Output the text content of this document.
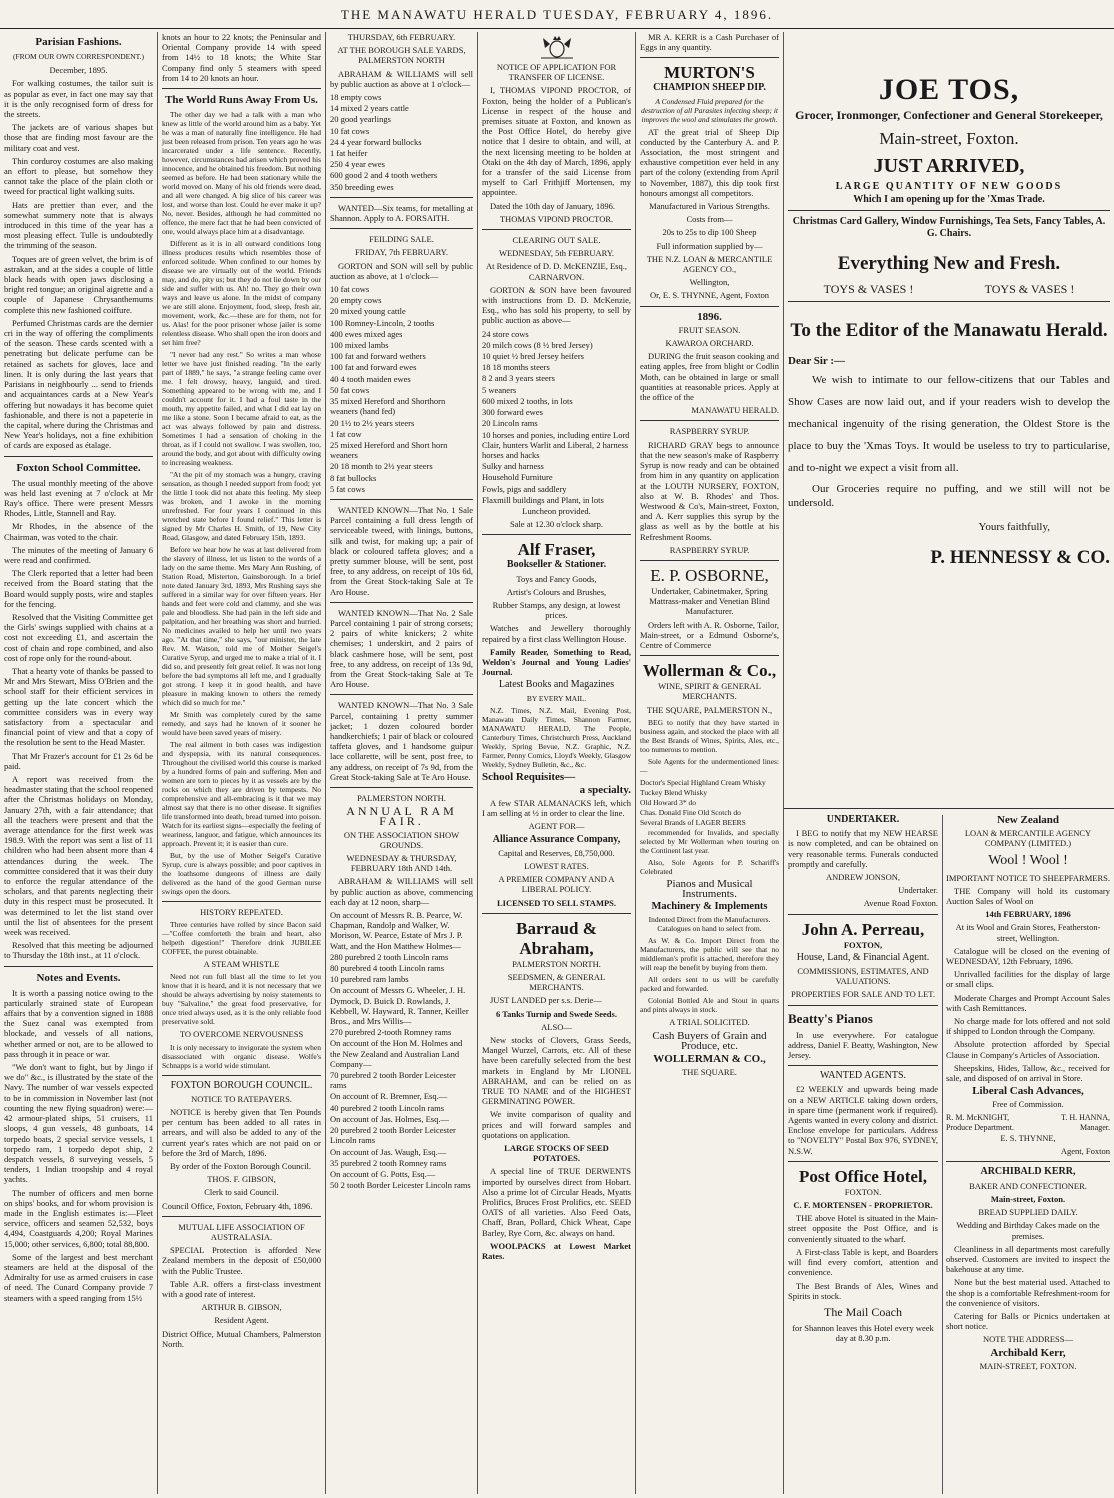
THE MANAWATU HERALD TUESDAY, FEBRUARY 4, 1896.
Parisian Fashions.
(FROM OUR OWN CORRESPONDENT.)

December, 1895.

For walking costumes, the tailor suit is as popular as ever, in fact one may say that it is the only recognised form of dress for the streets.

The jackets are of various shapes but those that are finding most favour are the military coat and vest.

Thin corduroy costumes are also making an effort to please, but somehow they cannot take the place of the plain cloth or tweed for practical light walking suits.

Hats are prettier than ever, and the somewhat summery note that is always introduced in this time of the year has a most pleasing effect. Tulle is undoubtedly the trimming of the season.

Toques are of green velvet, the brim is of astrakan, and at the sides a couple of little black heads with open jaws disclosing a bright red tongue; an original aigrette and a couple of Japanese Chrysanthemums complete this new fashioned coiffure.

Perfumed Christmas cards are the dernier cri in the way of offering the compliments of the season. These cards scented with a penetrating but delicate perfume can be retained as sachets for gloves, lace and linen. It is only during the last years that Parisians in neighbourly ... send to friends and acquaintances cards at a New Year's offering but nowadays it has become quiet fashionable, and there is not a papeterie in the capital, where during the Christmas and New Year's holidays, not a fine exhibition of cards are exposed as étalage.

Foxton School Committee.

The usual monthly meeting of the above was held last evening at 7 o'clock at Mr Ray's office. There were present Messrs Rhodes, Little, Stannell and Ray.

Mr Rhodes, in the absence of the Chairman, was voted to the chair.

The minutes of the meeting of January 6 were read and confirmed.

The Clerk reported that a letter had been received from the Board stating that the Board would supply posts, wire and staples for the fencing.

Resolved that the Visiting Committee get the Girls' swings supplied with chains at a cost not exceeding £1, and ascertain the cost of chain and rope combined, and also cost of rope only for the round-about.

That a hearty vote of thanks be passed to Mr and Mrs Stewart, Miss O'Brien and the school staff for their efficient services in getting up the late concert which the committee considers was in every way satisfactory from a spectacular and financial point of view and that a copy of the resolution be sent to the Head Master.

That Mr Frazer's account for £1 2s 6d be paid.

A report was received from the headmaster stating that the school reopened after the Christmas holidays on Monday, January 27th, with a fair attendance; that all the teachers were present and that the average attendance for the first week was 198.9. With the report was sent a list of 11 children who had been absent more than 4 attendances during the week. The committee considered that it was their duty to enforce the regular attendance of the scholars, and that parents neglecting their duty in this respect must be prosecuted. It was determined to let the list stand over until the list of absentees for the present week was received.

Resolved that this meeting be adjourned to Thursday the 18th inst., at 11 o'clock.

Notes and Events.

It is worth a passing notice owing to the particularly strained state of European affairs that by a convention signed in 1888 the Suez canal was exempted from blockade, and vessels of all nations, whether armed or not, are to be allowed to pass through it in peace or war.

"We don't want to fight, but by Jingo if we do" &c., is illustrated by the state of the Navy. The number of war vessels expected to be in commission in November last (not counting the new flying squadron) were:—42 armour-plated ships, 51 cruisers, 11 sloops, 4 gun vessels, 48 gunboats, 14 torpedo boats, 2 special service vessels, 1 torpedo ram, 1 torpedo depot ship, 2 despatch vessels, 8 surveying vessels, 5 tenders, 1 Indian troopship and 4 royal yachts.

The number of officers and men borne on ships' books, and for whom provision is made in the English estimates is:—Fleet service, officers and seamen 52,532, boys 4,494, Coastguards 4,200; Royal Marines 15,000; other services, 6,800; total 88,800.

Some of the largest and best merchant steamers are held at the disposal of the Admiralty for use as armed cruisers in case of need. The Cunard Company provide 7 steamers with a speed ranging from 15½

knots an hour to 22 knots; the Peninsular and Oriental Company provide 14 with speed from 14½ to 18 knots; the White Star Company find only 5 steamers with speed from 14 to 20 knots an hour.

The World Runs Away From Us.

The other day we had a talk with a man who knew as little of the world around him as a baby. Yet he was a man of naturally fine intelligence. He had just been released from prison. Ten years ago he was incarcerated under a life sentence. Recently, however, circumstances had arisen which proved his innocence, and he obtained his freedom. But nothing seemed as before. He had been stationary while the world moved on. Many of his old friends were dead, and all were changed. A big slice of his career was lost, and worse than lost. Could he ever make it up? No, never. Besides, although he had committed no offence, the mere fact that he had been convicted of one, would always place him at a disadvantage.

Different as it is in all outward conditions long illness produces results which resembles those of enforced solitude. When confined to our homes by disease we are virtually out of the world. Friends may, and do, pity us; but they do not lie down by our side and suffer with us. Ah! no. They go their own ways and leave us alone. In the midst of company we are still alone. Enjoyment, food, sleep, fresh air, movement, work, &c.—these are for them, not for us. Alas! for the poor prisoner whose jailer is some relentless disease. Who shall open the iron doors and set him free?

"I never had any rest." So writes a man whose letter we have just finished reading. "In the early part of 1889," he says, "a strange feeling came over me. I felt drowsy, heavy, languid, and tired. Something appeared to be wrong with me, and I couldn't account for it. I had a foul taste in the mouth, my appetite failed, and what I did eat lay on me like a stone. Soon I became afraid to eat, as the act was always followed by pain and distress. Sometimes I had a sensation of choking in the throat, as if I could not swallow. I was swollen, too, around the body, and got about with difficulty owing to increasing weakness.

"At the pit of my stomach was a hungry, craving sensation, as though I needed support from food; yet the little I took did not abate this feeling. My sleep was broken, and I awoke in the morning unrefreshed. For four years I continued in this wretched state before I found relief." This letter is signed by Mr Charles H. Smith, of 19, New City Road, Glasgow, and dated February 15th, 1893.

Before we hear how he was at last delivered from the slavery of illness, let us listen to the words of a lady on the same theme. Mrs Mary Ann Rushing, of Station Road, Misterton, Gainsborough. In a brief note dated January 3rd, 1893, Mrs Rushing says she suffered in a similar way for over fifteen years. Her hands and feet were cold and clammy, and she was pale and bloodless. She had pain in the left side and palpitation, and her breathing was short and hurried. No medicines availed to help her until two years ago. "At that time," she says, "our minister, the late Rev. M. Watson, told me of Mother Seigel's Curative Syrup, and urged me to make a trial of it. I did so, and presently felt great relief. It was not long before the bad symptoms all left me, and I gradually got strong. I keep it in good health, and have pleasure in making known to others the remedy which did so much for me."

Mr Smith was completely cured by the same remedy, and says had he known of it sooner he would have been saved years of misery.

The real ailment in both cases was indigestion and dyspepsia, with its natural consequences. Throughout the civilised world this course is marked by a hundred forms of pain and suffering. Men and women are torn to pieces by it as vessels are by the rocks on which they are driven by tempests. No comprehensive and all-embracing is it that we may almost say that there is no other disease. It signifies life transformed into death, bread turned into poison. Watch for its earliest signs—especially the feeling of weariness, languor, and fatigue, which announces its approach. Prevent it; it is easier than cure.

But, by the use of Mother Seigel's Curative Syrup, cure is always possible; and poor captives in the loathsome dungeons of illness are daily delivered as the hand of the good German nurse swings open the doors.

HISTORY REPEATED.

Three centuries have rolled by since Bacon said—"Coffee comforteth the brain and heart, also helpeth digestion!" Therefore drink JUBILEE COFFEE, the purest obtainable.

A STEAM WHISTLE

Need not run full blast all the time to let you know that it is heard, and it is not necessary that we should be always advertising by noisy statements to buy "Salvaline," the great food preservative, for once tried always used, as it is the only reliable food preservative sold.

TO OVERCOME NERVOUSNESS

It is only necessary to invigorate the system when disassociated with organic disease. Wolfe's Schnapps is a world wide stimulant.

FOXTON BOROUGH COUNCIL.

NOTICE TO RATEPAYERS.

NOTICE is hereby given that Ten Pounds per centum has been added to all rates in arrears, and will also be added to any of the current year's rates which are not paid on or before the 3rd of March, 1896.

By order of the Foxton Borough Council.

THOS. F. GIBSON,

Clerk to said Council.

Council Office, Foxton, February 4th, 1896.

MUTUAL LIFE ASSOCIATION OF AUSTRALASIA.

SPECIAL Protection is afforded New Zealand members in the deposit of £50,000 with the Public Trustee.

Table A.R. offers a first-class investment with a good rate of interest.

ARTHUR B. GIBSON,

Resident Agent.

District Office, Mutual Chambers, Palmerston North.

THURSDAY, 6th FEBRUARY.

AT THE BOROUGH SALE YARDS, PALMERSTON NORTH

ABRAHAM & WILLIAMS will sell by public auction as above at 1 o'clock—

18 empty cows
14 mixed 2 years cattle
20 good yearlings
10 fat cows
24 4 year forward bullocks
1 fat heifer
250 4 year ewes
600 good 2 and 4 tooth wethers
350 breeding ewes

WANTED—Six teams, for metalling at Shannon. Apply to A. FORSAITH.

FEILDING SALE.

FRIDAY, 7th FEBRUARY.

GORTON and SON will sell by public auction as above, at 1 o'clock—

10 fat cows
20 empty cows
20 mixed young cattle
100 Romney-Lincoln, 2 tooths
400 ewes mixed ages
100 mixed lambs
100 fat and forward wethers
100 fat and forward ewes
40 4 tooth maiden ewes
50 fat cows
35 mixed Hereford and Shorthorn weaners (hand fed)
20 1½ to 2½ years steers
1 fat cow
25 mixed Hereford and Short horn weaners
20 18 month to 2½ year steers
8 fat bullocks
5 fat cows

WANTED KNOWN—That No. 1 Sale Parcel containing a full dress length of serviceable tweed, with linings, buttons, silk and twist, for making up; a pair of black or coloured taffeta gloves; and a pretty summer blouse, will be sent, post free, to any address, on receipt of 10s 6d, from the Great Stock-taking Sale at Te Aro House.

WANTED KNOWN—That No. 2 Sale Parcel containing 1 pair of strong corsets; 2 pairs of white knickers; 2 white chemises; 1 underskirt, and 2 pairs of black cashmere hose, will be sent, post free, to any address, on receipt of 13s 9d, from the Great Stock-taking Sale at Te Aro House.

WANTED KNOWN—That No. 3 Sale Parcel, containing 1 pretty summer jacket; 1 dozen coloured border handkerchiefs; 1 pair of black or coloured taffeta gloves, and 1 handsome guipur lace collarette, will be sent, post free, to any address, on receipt of 7s 9d, from the Great Stock-taking Sale at Te Aro House.

PALMERSTON NORTH.

ANNUAL RAM FAIR.

ON THE ASSOCIATION SHOW GROUNDS.

WEDNESDAY & THURSDAY, FEBRUARY 18th AND 14th.

ABRAHAM & WILLIAMS will sell by public auction as above, commencing each day at 12 noon, sharp—

On account of Messrs R. B. Pearce, W. Chapman, Randolp and Walker, W. Morison, W. Pearce, Estate of Mrs J. P. Watt, and the Hon Matthew Holmes—
280 purebred 2 tooth Lincoln rams
80 purebred 4 tooth Lincoln rams
10 purebred ram lambs
On account of Messrs G. Wheeler, J. H. Dymock, D. Buick D. Rowlands, J. Kebbell, W. Hayward, R. Tanner, Keiller Bros., and Mrs Willis—
270 purebred 2-tooth Romney rams
On account of the Hon M. Holmes and the New Zealand and Australian Land Company—
70 purebred 2 tooth Border Leicester rams
On account of R. Bremner, Esq.—
40 purebred 2 tooth Lincoln rams
On account of Jas. Holmes, Esq.—
20 purebred 2 tooth Border Leicester Lincoln rams
On account of Jas. Waugh, Esq.—
35 purebred 2 tooth Romney rams
On account of G. Potts, Esq.—
50 2 tooth Border Leicester Lincoln rams

NOTICE OF APPLICATION FOR TRANSFER OF LICENSE.

I, THOMAS VIPOND PROCTOR, of Foxton, being the holder of a Publican's License in respect of the house and premises situate at Foxton, and known as the Post Office Hotel, do hereby give notice that I desire to obtain, and will, at the next licensing meeting to be holden at Otaki on the 4th day of March, 1896, apply for a transfer of the said License from myself to Carl Frithjiff Mortensen, my appointee.

Dated the 10th day of January, 1896.

THOMAS VIPOND PROCTOR.

CLEARING OUT SALE.

WEDNESDAY, 5th FEBRUARY.

At Residence of D. D. McKENZIE, Esq., CARNARVON.

GORTON & SON have been favoured with instructions from D. D. McKenzie, Esq., who has sold his property, to sell by public auction as above—

24 store cows
20 milch cows (8 ½ bred Jersey)
10 quiet ½ bred Jersey heifers
18 18 months steers
8 2 and 3 years steers
5 weaners
600 mixed 2 tooths, in lots
300 forward ewes
20 Lincoln rams
10 horses and ponies, including entire Lord Clair, hunters Warlit and Liberal, 2 harness horses and hacks
Sulky and harness
Household Furniture
Fowls, pigs and saddlery
Flaxmill buildings and Plant, in lots

Luncheon provided.

Sale at 12.30 o'clock sharp.

Alf Fraser,

Bookseller & Stationer.

Toys and Fancy Goods,

Artist's Colours and Brushes,

Rubber Stamps, any design, at lowest prices.

Watches and Jewellery thoroughly repaired by a first class Wellington House.

Family Reader, Something to Read, Weldon's Journal and Young Ladies' Journal.

Latest Books and Magazines

BY EVERY MAIL.

N.Z. Times, N.Z. Mail, Evening Post, Manawatu Daily Times, Shannon Farmer, MANAWATU HERALD, The People, Canterbury Times, Christchurch Press, Auckland Weekly, Spring Bevue, N.Z. Graphic, N.Z. Farmer, Penny Comics, Lloyd's Weekly, Glasgow Weekly, Sydney Bulletin, &c., &c.

School Requisites—

a specialty.

A few STAR ALMANACKS left, which I am selling at ½ in order to clear the line.

AGENT FOR—

Alliance Assurance Company,

Capital and Reserves, £8,750,000.

LOWEST RATES.

A PREMIER COMPANY AND A LIBERAL POLICY.

LICENSED TO SELL STAMPS.

Barraud & Abraham,

PALMERSTON NORTH.

SEEDSMEN, & GENERAL MERCHANTS.

JUST LANDED per s.s. Derie—

6 Tanks Turnip and Swede Seeds.

ALSO—

New stocks of Clovers, Grass Seeds, Mangel Wurzel, Carrots, etc. All of these have been carefully selected from the best markets in England by Mr LIONEL ABRAHAM, and can be relied on as TRUE TO NAME and of the HIGHEST GERMINATING POWER.

We invite comparison of quality and prices and will forward samples and quotations on application.

LARGE STOCKS OF SEED POTATOES.

A special line of TRUE DERWENTS imported by ourselves direct from Hobart. Also a prime lot of Circular Heads, Myatts Prolifics, Bruces Frost Prolifics, etc. SEED OATS of all varieties. Also Feed Oats, Chaff, Bran, Pollard, Chick Wheat, Cape Barley, Rye Corn, &c. always on hand.

WOOLPACKS at Lowest Market Rates.

MR A. KERR is a Cash Purchaser of Eggs in any quantity.

MURTON'S

CHAMPION SHEEP DIP.

A Condensed Fluid prepared for the destruction of all Parasites infecting sheep; it improves the wool and stimulates the growth.

AT the great trial of Sheep Dip conducted by the Canterbury A. and P. Association, the most stringent and exhaustive competition ever held in any part of the colony (extending from April to November, 1887), this dip took first honours amongst all competitors.

Manufactured in Various Strengths.

Costs from—

20s to 25s to dip 100 Sheep

Full information supplied by—

THE N.Z. LOAN & MERCANTILE AGENCY CO.,

Wellington,

Or, E. S. THYNNE, Agent, Foxton

1896.

FRUIT SEASON.

KAWAROA ORCHARD.

DURING the fruit season cooking and eating apples, free from blight or Codlin Moth, can be obtained in large or small quantities at reasonable prices. Apply at the office of the

MANAWATU HERALD.

RASPBERRY SYRUP.

RICHARD GRAY begs to announce that the new season's make of Raspberry Syrup is now ready and can be obtained from him in any quantity on application at the LOUTH NURSERY, FOXTON, also at W. B. Rhodes' and Thos. Westwood & Co's, Main-street, Foxton, and A. Kerr supplies this syrup by the glass as well as by the bottle at his Refreshment Rooms.

RASPBERRY SYRUP.

E. P. OSBORNE,

Undertaker, Cabinetmaker, Spring Mattrass-maker and Venetian Blind Manufacturer.

Orders left with A. R. Osborne, Tailor, Main-street, or a Edmund Osborne's, Centre of Commerce

Wollerman & Co.,

WINE, SPIRIT & GENERAL MERCHANTS.

THE SQUARE, PALMERSTON N.,

BEG to notify that they have started in business again, and stocked the place with all the Best Brands of Wines, Spirits, Ales, etc., too numerous to mention.

Sole Agents for the undermentioned lines:—

Doctor's Special Highland Cream Whisky
Tuckey Blend Whisky
Old Howard 3* do
Chas. Donald Fine Old Scotch do
Several Brands of LAGER BEERS

recommended for Invalids, and specially selected by Mr Wollerman when touring on the Continent last year.

Also, Sole Agents for P. Schariff's Celebrated

Pianos and Musical Instruments.

Machinery & Implements

Indented Direct from the Manufacturers. Catalogues on hand to select from.

As W. & Co. Import Direct from the Manufacturers, the public will see that no middleman's profit is attached, therefore they will reap the benefit by buying from them.

All orders sent to us will be carefully packed and forwarded.

Colonial Bottled Ale and Stout in quarts and pints always in stock.

A TRIAL SOLICITED.

Cash Buyers of Grain and Produce, etc.

WOLLERMAN & CO.,

THE SQUARE.

JOE TOS,

Grocer, Ironmonger, Confectioner and General Storekeeper,

Main-street, Foxton.

JUST ARRIVED,

LARGE QUANTITY OF NEW GOODS

Which I am opening up for the 'Xmas Trade.

Christmas Card Gallery, Window Furnishings, Tea Sets, Fancy Tables, A. G. Chairs.

Everything New and Fresh.

TOYS & VASES !	TOYS & VASES !

To the Editor of the Manawatu Herald.

Dear Sir :—

We wish to intimate to our fellow-citizens that our Tables and Show Cases are now laid out, and if your readers wish to develop the mechanical ingenuity of the rising generation, the Oldest Store is the place to buy the 'Xmas Toys. It would be useless to try to particularise, and to-night we expect a visit from all.

Our Groceries require no puffing, and we still will not be undersold.

Yours faithfully,

P. HENNESSY & CO.

UNDERTAKER.

I BEG to notify that my NEW HEARSE is now completed, and can be obtained on very reasonable terms. Funerals conducted promptly and carefully.

ANDREW JONSON,

Undertaker.

Avenue Road Foxton.

John A. Perreau,

FOXTON,

House, Land, & Financial Agent.

COMMISSIONS, ESTIMATES, AND VALUATIONS.

PROPERTIES FOR SALE AND TO LET.

Beatty's Pianos

In use everywhere. For catalogue address, Daniel F. Beatty, Washington, New Jersey.

WANTED AGENTS.

£2 WEEKLY and upwards being made on a NEW ARTICLE taking down orders, in spare time (permanent work if required). Agents wanted in every colony and district. Enclose envelope for particulars. Address to "NOVELTY" Postal Box 976, SYDNEY, N.S.W.

Post Office Hotel,

FOXTON.

C. F. MORTENSEN - PROPRIETOR.

THE above Hotel is situated in the Main-street opposite the Post Office, and is conveniently situated to the wharf.

A First-class Table is kept, and Boarders will find every comfort, attention and convenience.

The Best Brands of Ales, Wines and Spirits in stock.

The Mail Coach

for Shannon leaves this Hotel every week day at 8.30 p.m.

New Zealand

LOAN & MERCANTILE AGENCY COMPANY (LIMITED.)

Wool ! Wool !

IMPORTANT NOTICE TO SHEEPFARMERS.

THE Company will hold its customary Auction Sales of Wool on

14th FEBRUARY, 1896

At its Wool and Grain Stores, Featherston-street, Wellington.

Catalogue will be closed on the evening of WEDNESDAY, 12th February, 1896.

Unrivalled facilities for the display of large or small clips.

Moderate Charges and Prompt Account Sales with Cash Remittances.

No charge made for lots offered and not sold if shipped to London through the Company.

Absolute protection afforded by Special Clause in Company's Articles of Association.

Sheepskins, Hides, Tallow, &c., received for sale, and disposed of on arrival in Store.

Liberal Cash Advances,

Free of Commission.

R. M. McKNIGHT,
Produce Department.
T. H. HANNA,
Manager.

E. S. THYNNE,

Agent, Foxton

ARCHIBALD KERR,

BAKER AND CONFECTIONER.

Main-street, Foxton.

BREAD SUPPLIED DAILY.

Wedding and Birthday Cakes made on the premises.

Cleanliness in all departments most carefully observed. Customers are invited to inspect the bakehouse at any time.

None but the best material used. Attached to the shop is a comfortable Refreshment-room for the convenience of visitors.

Catering for Balls or Picnics undertaken at short notice.

NOTE THE ADDRESS—

Archibald Kerr,

MAIN-STREET, FOXTON.
